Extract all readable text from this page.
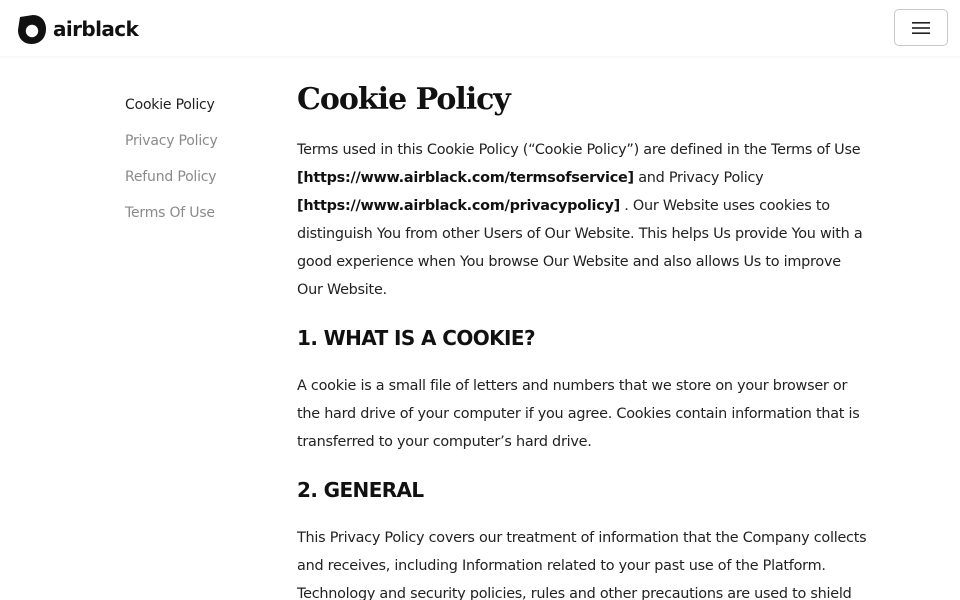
airblack
Cookie Policy
Privacy Policy
Refund Policy
Terms Of Use
Cookie Policy

Terms used in this Cookie Policy (“Cookie Policy”) are defined in the Terms of Use [https://www.airblack.com/termsofservice] and Privacy Policy [https://www.airblack.com/privacypolicy] . Our Website uses cookies to distinguish You from other Users of Our Website. This helps Us provide You with a good experience when You browse Our Website and also allows Us to improve Our Website.

1. WHAT IS A COOKIE?

A cookie is a small file of letters and numbers that we store on your browser or the hard drive of your computer if you agree. Cookies contain information that is transferred to your computer’s hard drive.

2. GENERAL

This Privacy Policy covers our treatment of information that the Company collects and receives, including Information related to your past use of the Platform. Technology and security policies, rules and other precautions are used to shield
